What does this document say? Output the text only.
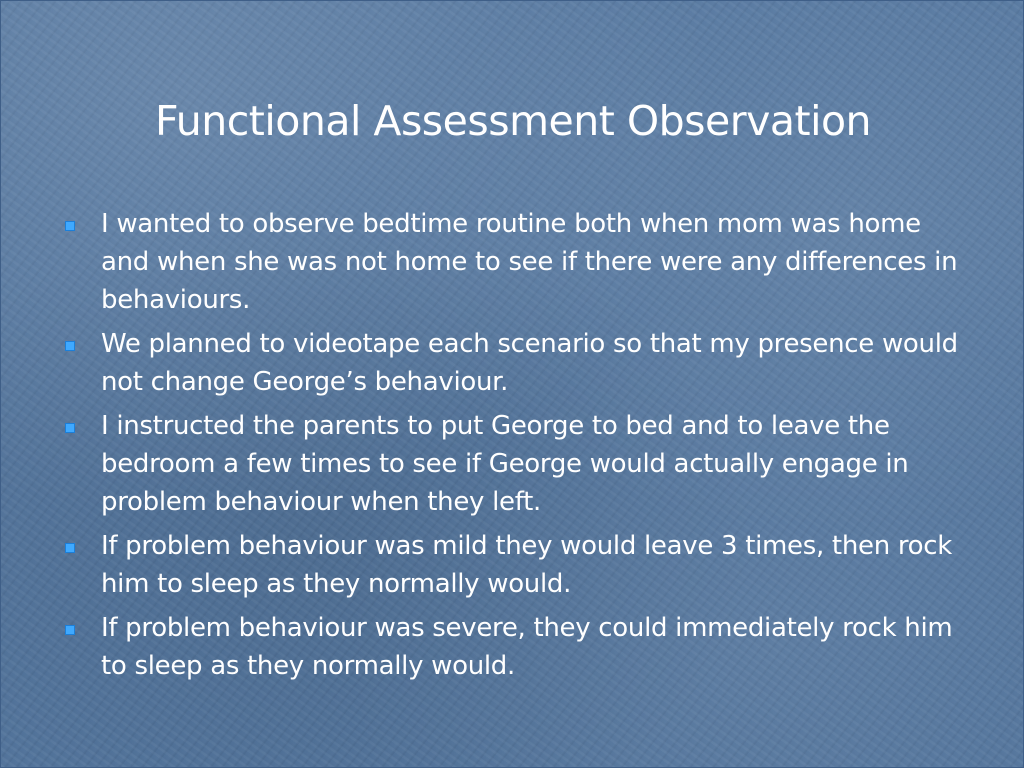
Functional Assessment Observation
I wanted to observe bedtime routine both when mom was home and when she was not home to see if there were any differences in behaviours.
We planned to videotape each scenario so that my presence would not change George’s behaviour.
I instructed the parents to put George to bed and to leave the bedroom a few times to see if George would actually engage in problem behaviour when they left.
If problem behaviour was mild they would leave 3 times, then rock him to sleep as they normally would.
If problem behaviour was severe, they could immediately rock him to sleep as they normally would.
